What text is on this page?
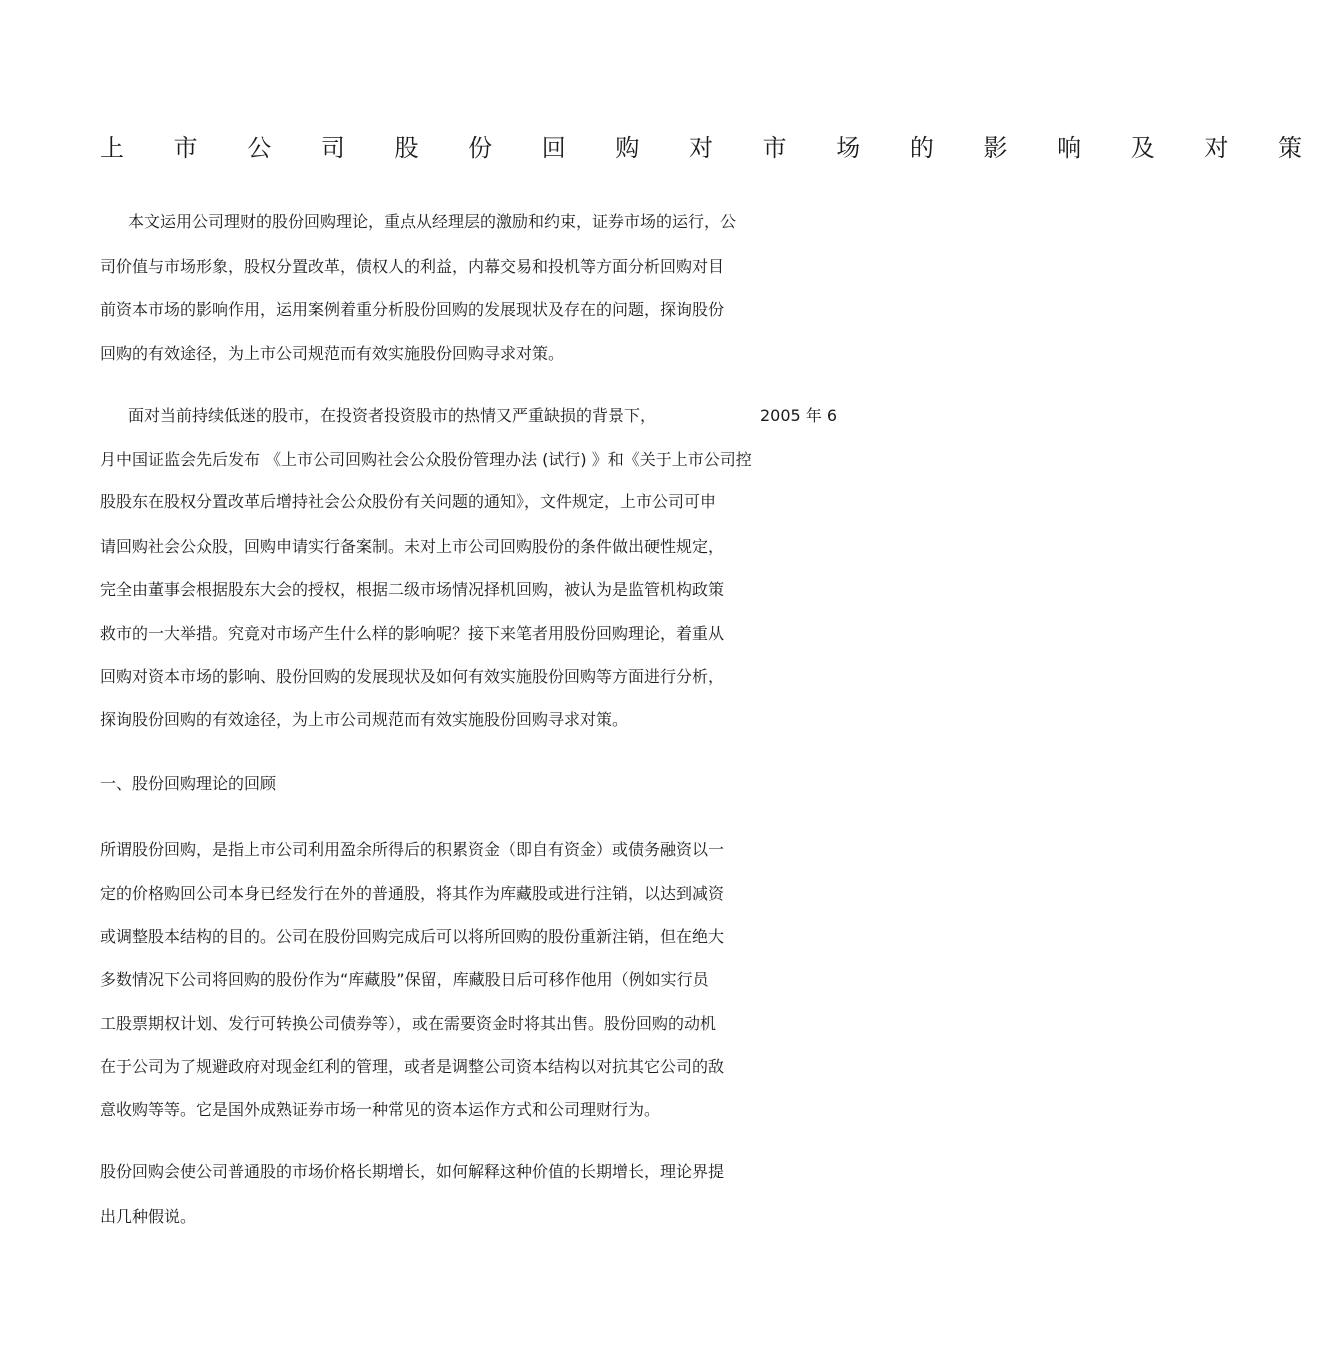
上 市 公 司 股 份 回 购 对 市 场 的 影 响 及 对 策

本文运用公司理财的股份回购理论，重点从经理层的激励和约束，证券市场的运行，公

司价值与市场形象，股权分置改革，债权人的利益，内幕交易和投机等方面分析回购对目

前资本市场的影响作用，运用案例着重分析股份回购的发展现状及存在的问题，探询股份

回购的有效途径，为上市公司规范而有效实施股份回购寻求对策。

面对当前持续低迷的股市，在投资者投资股市的热情又严重缺损的背景下，	2005 年 6

月中国证监会先后发布 《上市公司回购社会公众股份管理办法 (试行) 》和《关于上市公司控

股股东在股权分置改革后增持社会公众股份有关问题的通知》，文件规定，上市公司可申

请回购社会公众股，回购申请实行备案制。未对上市公司回购股份的条件做出硬性规定，

完全由董事会根据股东大会的授权，根据二级市场情况择机回购，被认为是监管机构政策

救市的一大举措。究竟对市场产生什么样的影响呢？接下来笔者用股份回购理论，着重从

回购对资本市场的影响、股份回购的发展现状及如何有效实施股份回购等方面进行分析，

探询股份回购的有效途径，为上市公司规范而有效实施股份回购寻求对策。

一、股份回购理论的回顾

所谓股份回购，是指上市公司利用盈余所得后的积累资金（即自有资金）或债务融资以一

定的价格购回公司本身已经发行在外的普通股，将其作为库藏股或进行注销，以达到减资

或调整股本结构的目的。公司在股份回购完成后可以将所回购的股份重新注销，但在绝大

多数情况下公司将回购的股份作为“库藏股”保留，库藏股日后可移作他用（例如实行员

工股票期权计划、发行可转换公司债券等），或在需要资金时将其出售。股份回购的动机

在于公司为了规避政府对现金红利的管理，或者是调整公司资本结构以对抗其它公司的敌

意收购等等。它是国外成熟证券市场一种常见的资本运作方式和公司理财行为。

股份回购会使公司普通股的市场价格长期增长，如何解释这种价值的长期增长，理论界提

出几种假说。
